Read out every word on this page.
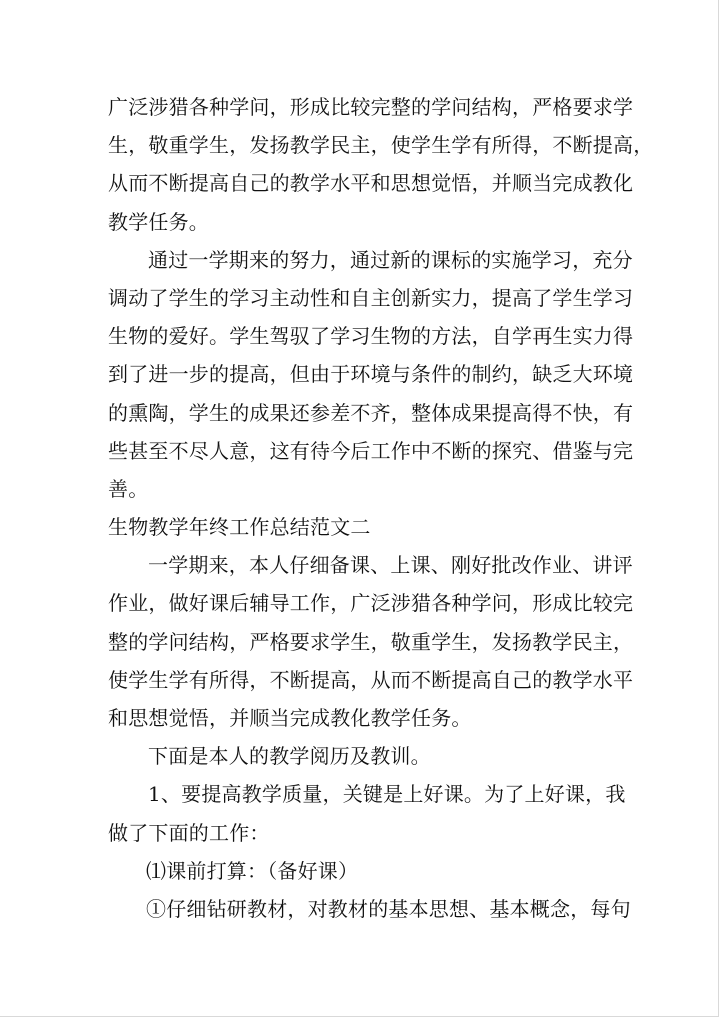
广泛涉猎各种学问，形成比较完整的学问结构，严格要求学
生，敬重学生，发扬教学民主，使学生学有所得，不断提高，
从而不断提高自己的教学水平和思想觉悟，并顺当完成教化
教学任务。
通过一学期来的努力，通过新的课标的实施学习，充分
调动了学生的学习主动性和自主创新实力，提高了学生学习
生物的爱好。学生驾驭了学习生物的方法，自学再生实力得
到了进一步的提高，但由于环境与条件的制约，缺乏大环境
的熏陶，学生的成果还参差不齐，整体成果提高得不快，有
些甚至不尽人意，这有待今后工作中不断的探究、借鉴与完
善。
生物教学年终工作总结范文二
一学期来，本人仔细备课、上课、刚好批改作业、讲评
作业，做好课后辅导工作，广泛涉猎各种学问，形成比较完
整的学问结构，严格要求学生，敬重学生，发扬教学民主，
使学生学有所得，不断提高，从而不断提高自己的教学水平
和思想觉悟，并顺当完成教化教学任务。
下面是本人的教学阅历及教训。
1、要提高教学质量，关键是上好课。为了上好课，我
做了下面的工作：
⑴课前打算：（备好课）
①仔细钻研教材，对教材的基本思想、基本概念，每句
